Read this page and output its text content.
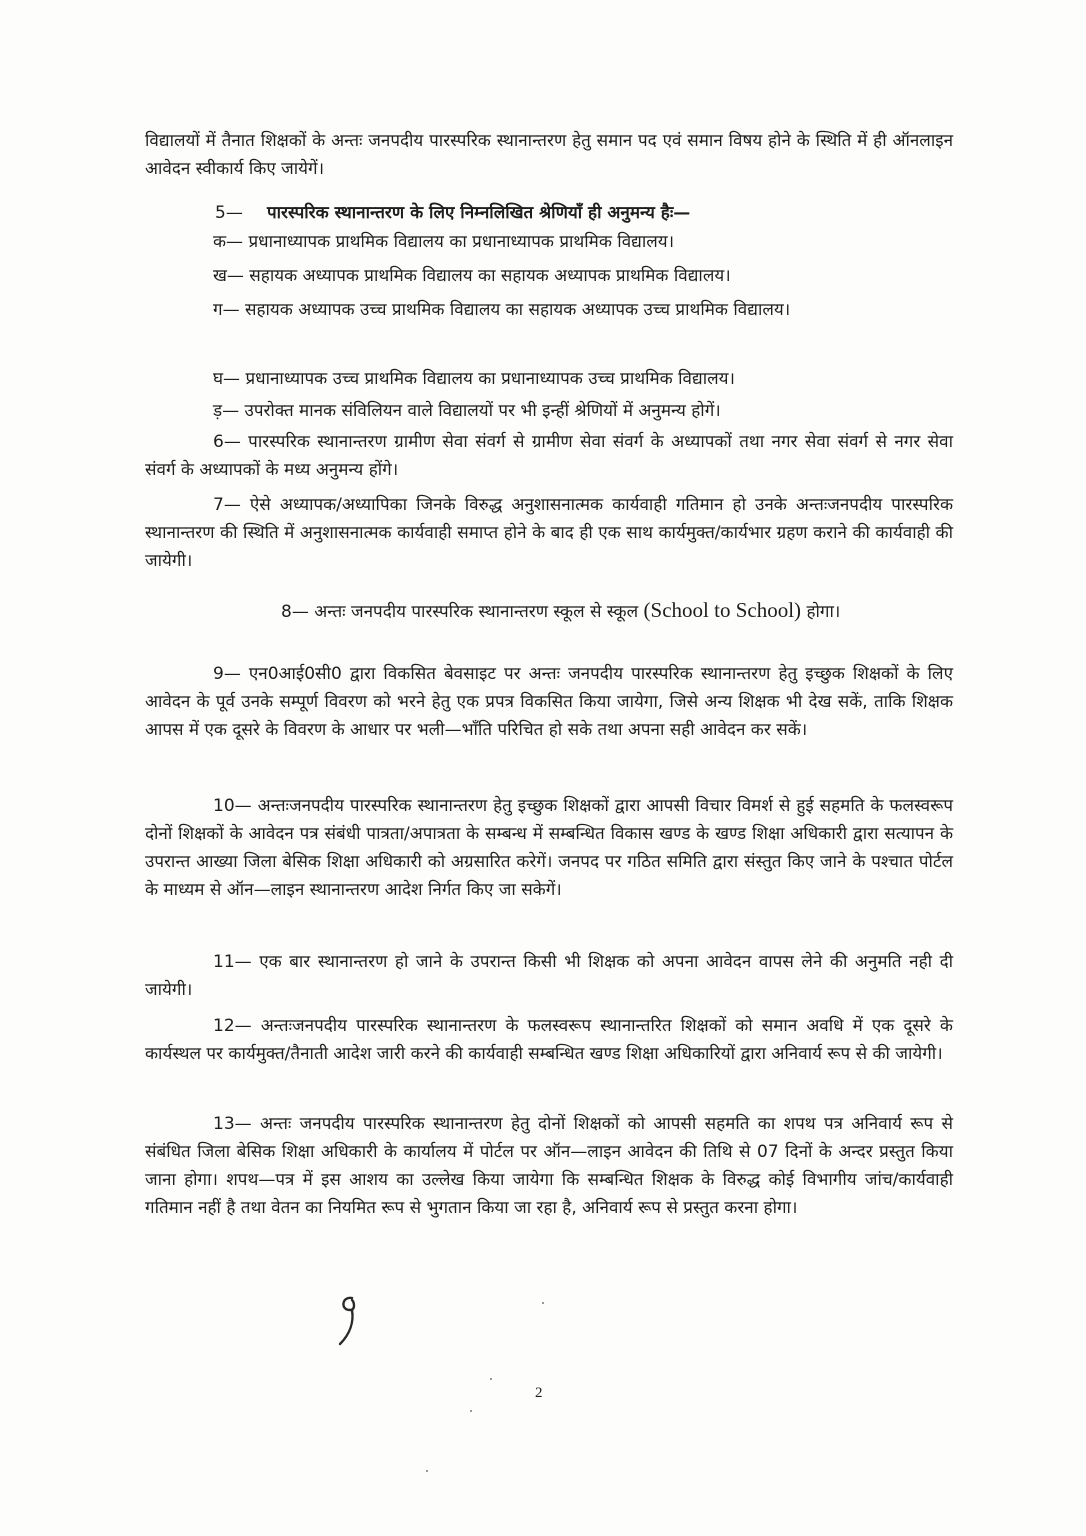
विद्यालयों में तैनात शिक्षकों के अन्तः जनपदीय पारस्परिक स्थानान्तरण हेतु समान पद एवं समान विषय होने के स्थिति में ही ऑनलाइन आवेदन स्वीकार्य किए जायेगें।

5— पारस्परिक स्थानान्तरण के लिए निम्नलिखित श्रेणियाँ ही अनुमन्य हैः—

क— प्रधानाध्यापक प्राथमिक विद्यालय का प्रधानाध्यापक प्राथमिक विद्यालय।

ख— सहायक अध्यापक प्राथमिक विद्यालय का सहायक अध्यापक प्राथमिक विद्यालय।

ग— सहायक अध्यापक उच्च प्राथमिक विद्यालय का सहायक अध्यापक उच्च प्राथमिक विद्यालय।

घ— प्रधानाध्यापक उच्च प्राथमिक विद्यालय का प्रधानाध्यापक उच्च प्राथमिक विद्यालय।

ड़— उपरोक्त मानक संविलियन वाले विद्यालयों पर भी इन्हीं श्रेणियों में अनुमन्य होगें।

6— पारस्परिक स्थानान्तरण ग्रामीण सेवा संवर्ग से ग्रामीण सेवा संवर्ग के अध्यापकों तथा नगर सेवा संवर्ग से नगर सेवा संवर्ग के अध्यापकों के मध्य अनुमन्य होंगे।

7— ऐसे अध्यापक/अध्यापिका जिनके विरुद्ध अनुशासनात्मक कार्यवाही गतिमान हो उनके अन्तःजनपदीय पारस्परिक स्थानान्तरण की स्थिति में अनुशासनात्मक कार्यवाही समाप्त होने के बाद ही एक साथ कार्यमुक्त/कार्यभार ग्रहण कराने की कार्यवाही की जायेगी।

8— अन्तः जनपदीय पारस्परिक स्थानान्तरण स्कूल से स्कूल (School to School) होगा।

9— एन0आई0सी0 द्वारा विकसित बेवसाइट पर अन्तः जनपदीय पारस्परिक स्थानान्तरण हेतु इच्छुक शिक्षकों के लिए आवेदन के पूर्व उनके सम्पूर्ण विवरण को भरने हेतु एक प्रपत्र विकसित किया जायेगा, जिसे अन्य शिक्षक भी देख सकें, ताकि शिक्षक आपस में एक दूसरे के विवरण के आधार पर भली—भाँति परिचित हो सके तथा अपना सही आवेदन कर सकें।

10— अन्तःजनपदीय पारस्परिक स्थानान्तरण हेतु इच्छुक शिक्षकों द्वारा आपसी विचार विमर्श से हुई सहमति के फलस्वरूप दोनों शिक्षकों के आवेदन पत्र संबंधी पात्रता/अपात्रता के सम्बन्ध में सम्बन्धित विकास खण्ड के खण्ड शिक्षा अधिकारी द्वारा सत्यापन के उपरान्त आख्या जिला बेसिक शिक्षा अधिकारी को अग्रसारित करेगें। जनपद पर गठित समिति द्वारा संस्तुत किए जाने के पश्चात पोर्टल के माध्यम से ऑन—लाइन स्थानान्तरण आदेश निर्गत किए जा सकेगें।

11— एक बार स्थानान्तरण हो जाने के उपरान्त किसी भी शिक्षक को अपना आवेदन वापस लेने की अनुमति नही दी जायेगी।

12— अन्तःजनपदीय पारस्परिक स्थानान्तरण के फलस्वरूप स्थानान्तरित शिक्षकों को समान अवधि में एक दूसरे के कार्यस्थल पर कार्यमुक्त/तैनाती आदेश जारी करने की कार्यवाही सम्बन्धित खण्ड शिक्षा अधिकारियों द्वारा अनिवार्य रूप से की जायेगी।

13— अन्तः जनपदीय पारस्परिक स्थानान्तरण हेतु दोनों शिक्षकों को आपसी सहमति का शपथ पत्र अनिवार्य रूप से संबंधित जिला बेसिक शिक्षा अधिकारी के कार्यालय में पोर्टल पर ऑन—लाइन आवेदन की तिथि से 07 दिनों के अन्दर प्रस्तुत किया जाना होगा। शपथ—पत्र में इस आशय का उल्लेख किया जायेगा कि सम्बन्धित शिक्षक के विरुद्ध कोई विभागीय जांच/कार्यवाही गतिमान नहीं है तथा वेतन का नियमित रूप से भुगतान किया जा रहा है, अनिवार्य रूप से प्रस्तुत करना होगा।

2
